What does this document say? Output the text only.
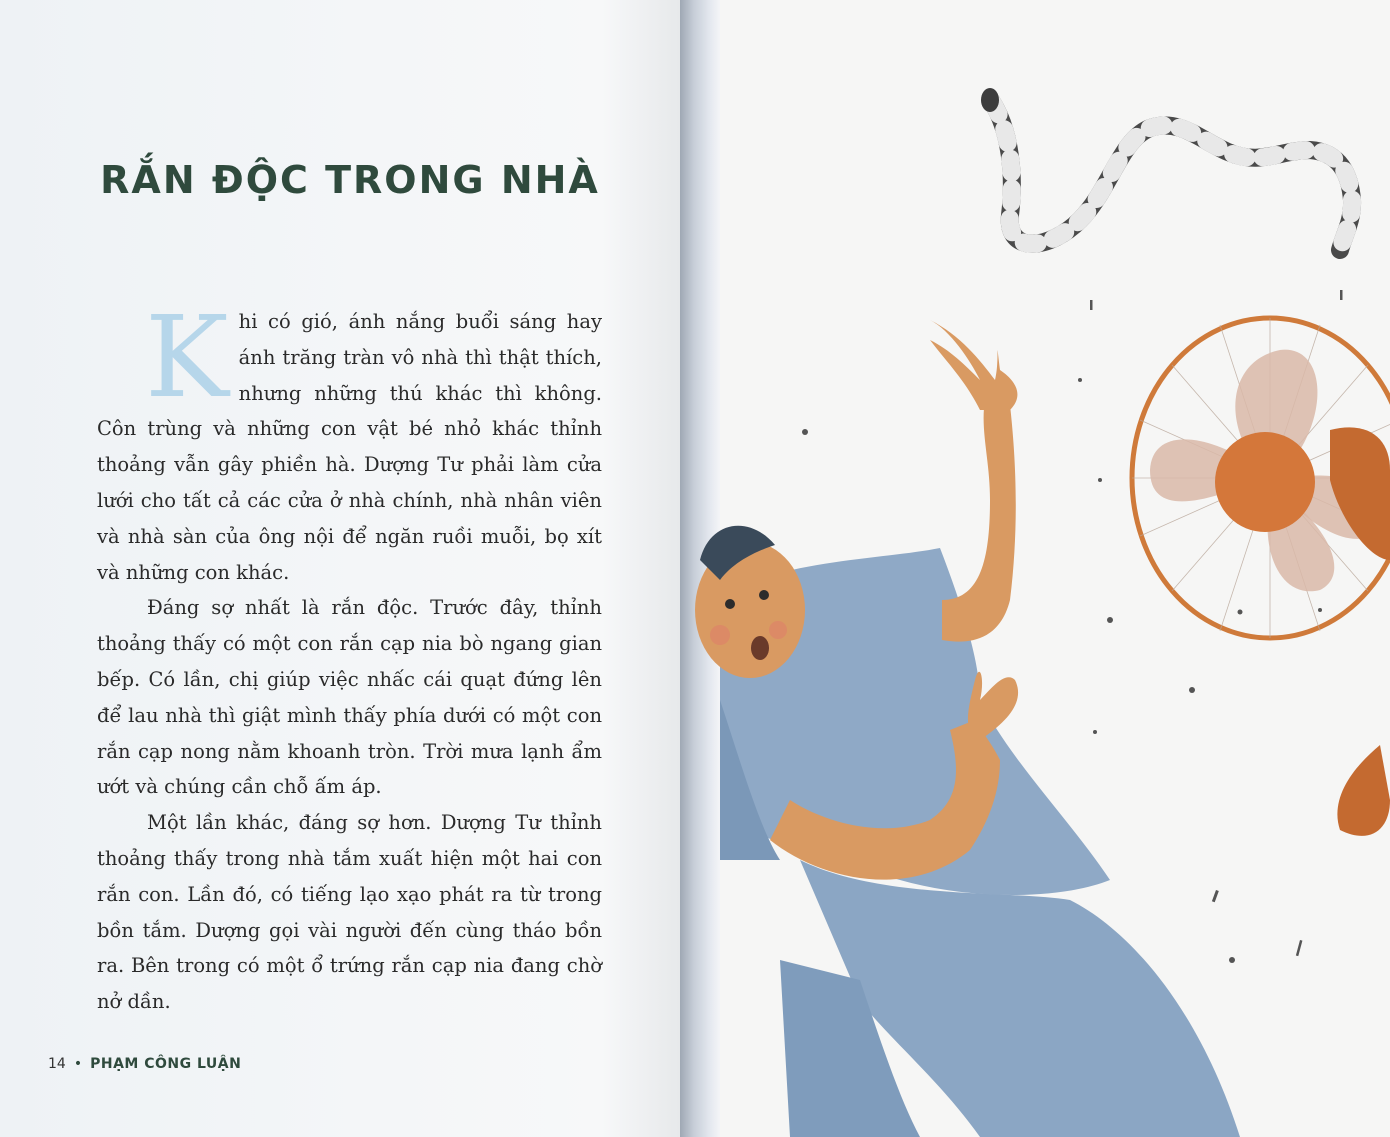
RẮN ĐỘC TRONG NHÀ

Khi có gió, ánh nắng buổi sáng hay ánh trăng tràn vô nhà thì thật thích, nhưng những thú khác thì không. Côn trùng và những con vật bé nhỏ khác thỉnh thoảng vẫn gây phiền hà. Dượng Tư phải làm cửa lưới cho tất cả các cửa ở nhà chính, nhà nhân viên và nhà sàn của ông nội để ngăn ruồi muỗi, bọ xít và những con khác.

Đáng sợ nhất là rắn độc. Trước đây, thỉnh thoảng thấy có một con rắn cạp nia bò ngang gian bếp. Có lần, chị giúp việc nhấc cái quạt đứng lên để lau nhà thì giật mình thấy phía dưới có một con rắn cạp nong nằm khoanh tròn. Trời mưa lạnh ẩm ướt và chúng cần chỗ ấm áp.

Một lần khác, đáng sợ hơn. Dượng Tư thỉnh thoảng thấy trong nhà tắm xuất hiện một hai con rắn con. Lần đó, có tiếng lạo xạo phát ra từ trong bồn tắm. Dượng gọi vài người đến cùng tháo bồn ra. Bên trong có một ổ trứng rắn cạp nia đang chờ nở dần.

14 • PHẠM CÔNG LUẬN
